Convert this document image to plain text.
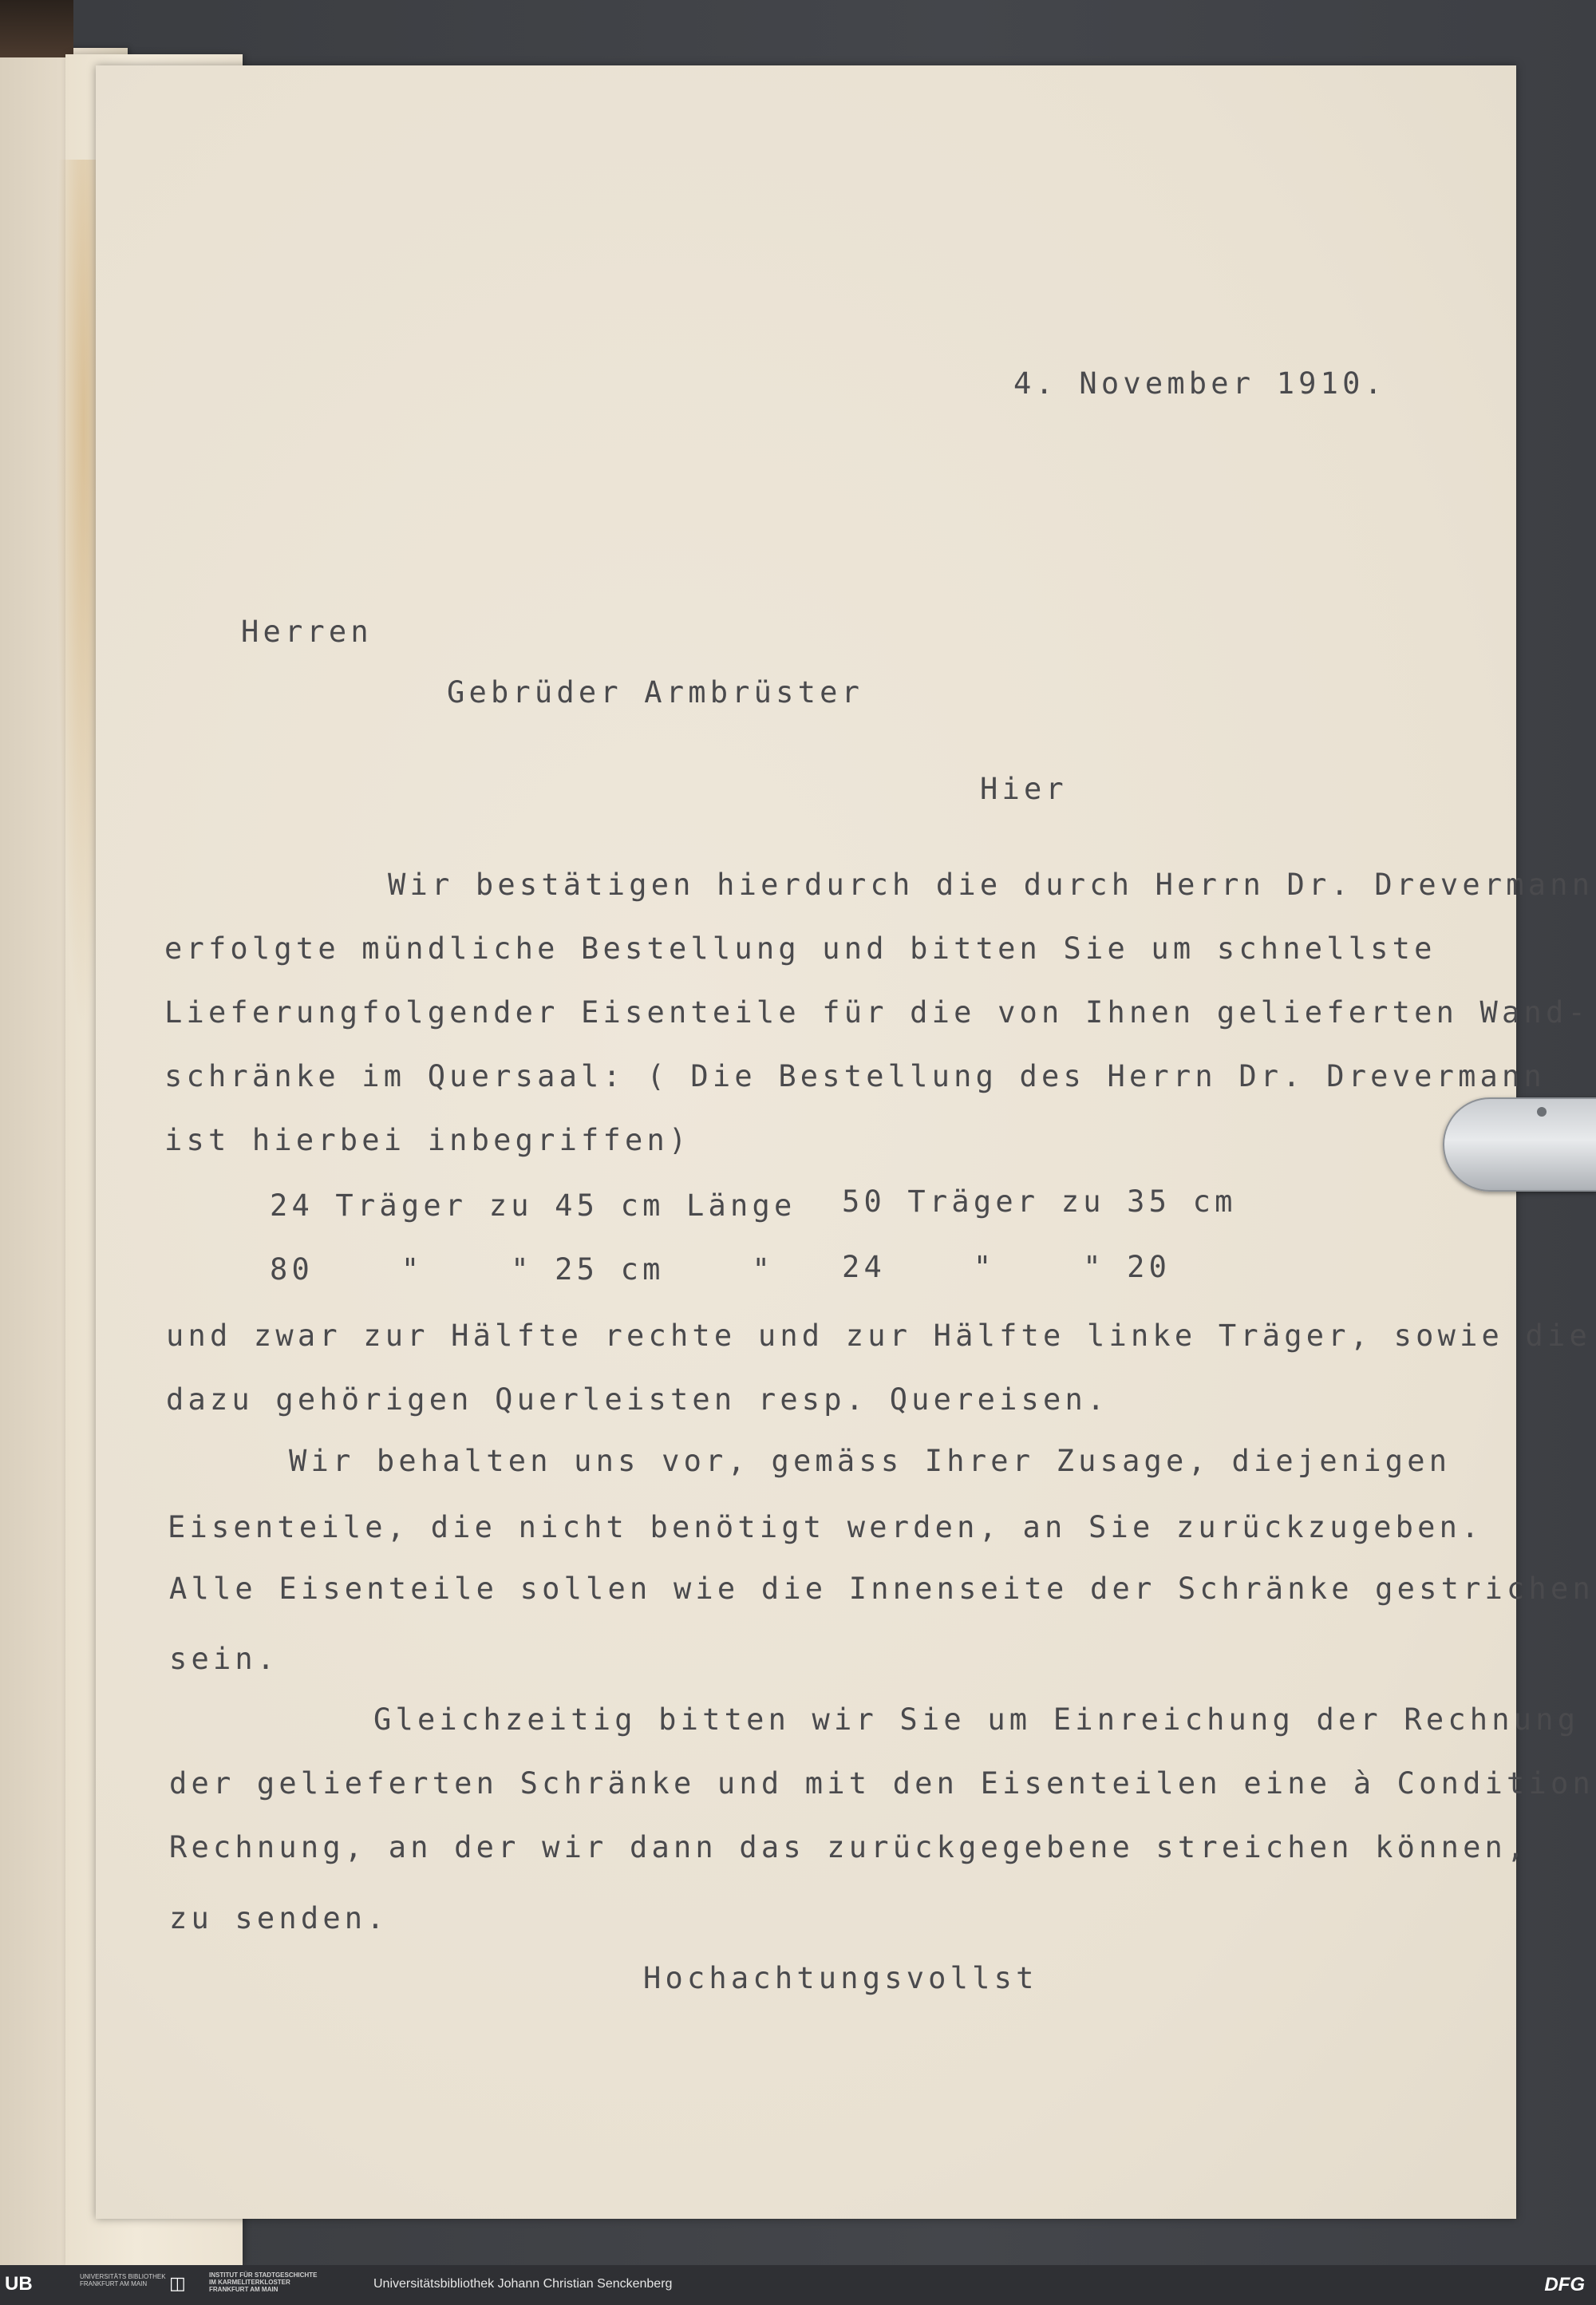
4. November 1910.
Herren
Gebrüder Armbrüster
Hier
Wir bestätigen hierdurch die durch Herrn Dr. Drevermann
erfolgte mündliche Bestellung und bitten Sie um schnellste
Lieferungfolgender Eisenteile für die von Ihnen gelieferten Wand-
schränke im Quersaal: ( Die Bestellung des Herrn Dr. Drevermann
ist hierbei inbegriffen)
24 Träger zu 45 cm Länge 50 Träger zu 35 cm
80    "    " 25 cm    " 24    "    " 20
und zwar zur Hälfte rechte und zur Hälfte linke Träger, sowie die
dazu gehörigen Querleisten resp. Quereisen.
Wir behalten uns vor, gemäss Ihrer Zusage, diejenigen
Eisenteile, die nicht benötigt werden, an Sie zurückzugeben.
Alle Eisenteile sollen wie die Innenseite der Schränke gestrichen
sein.
Gleichzeitig bitten wir Sie um Einreichung der Rechnung
der gelieferten Schränke und mit den Eisenteilen eine à Condition
Rechnung, an der wir dann das zurückgegebene streichen können,
zu senden.
Hochachtungsvollst
UB	UNIVERSITÄTS BIBLIOTHEK FRANKFURT AM MAIN	◫	INSTITUT FÜR STADTGESCHICHTE IM KARMELITERKLOSTER FRANKFURT AM MAIN	Universitätsbibliothek Johann Christian Senckenberg	DFG
